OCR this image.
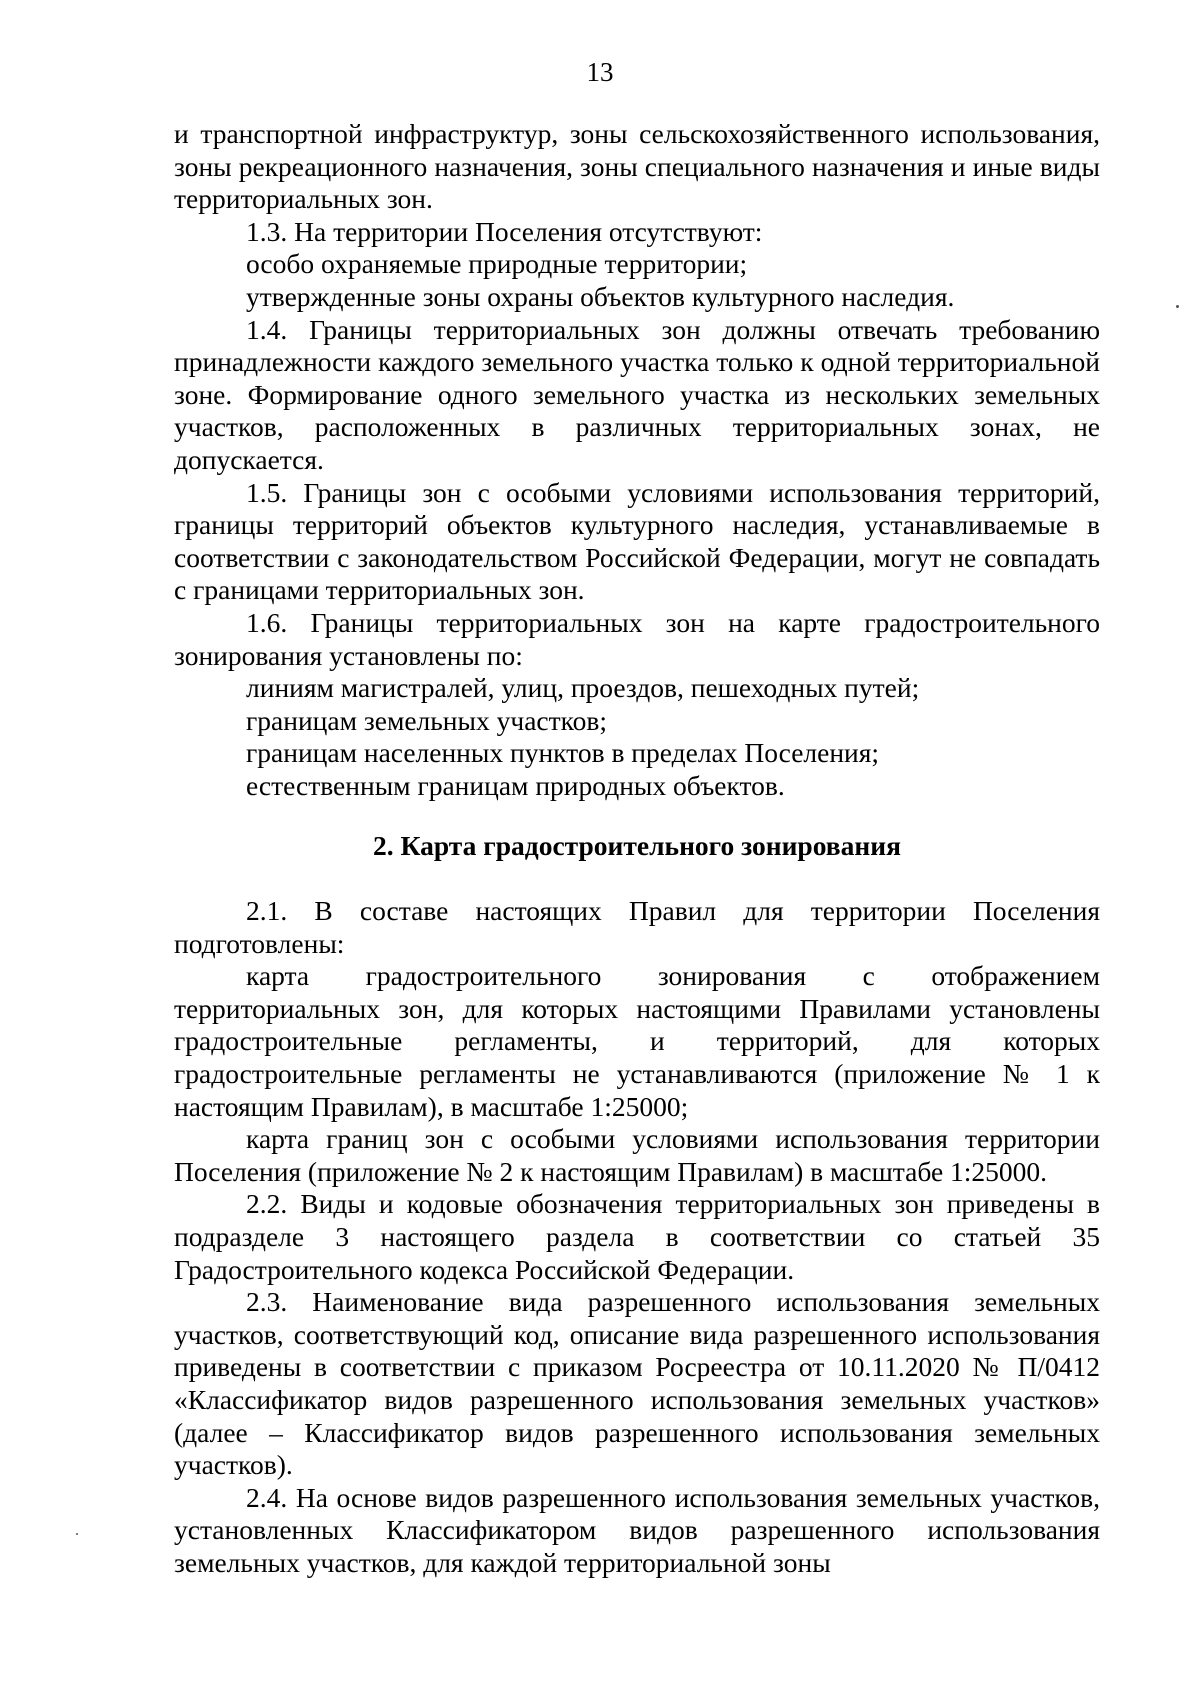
13

и транспортной инфраструктур, зоны сельскохозяйственного использования, зоны рекреационного назначения, зоны специального назначения и иные виды территориальных зон.

1.3. На территории Поселения отсутствуют:

особо охраняемые природные территории;

утвержденные зоны охраны объектов культурного наследия.

1.4. Границы территориальных зон должны отвечать требованию принадлежности каждого земельного участка только к одной территориальной зоне. Формирование одного земельного участка из нескольких земельных участков, расположенных в различных территориальных зонах, не допускается.

1.5. Границы зон с особыми условиями использования территорий, границы территорий объектов культурного наследия, устанавливаемые в соответствии с законодательством Российской Федерации, могут не совпадать с границами территориальных зон.

1.6. Границы территориальных зон на карте градостроительного зонирования установлены по:

линиям магистралей, улиц, проездов, пешеходных путей;

границам земельных участков;

границам населенных пунктов в пределах Поселения;

естественным границам природных объектов.

2. Карта градостроительного зонирования

2.1. В составе настоящих Правил для территории Поселения подготовлены:

карта градостроительного зонирования с отображением территориальных зон, для которых настоящими Правилами установлены градостроительные регламенты, и территорий, для которых градостроительные регламенты не устанавливаются (приложение № 1 к настоящим Правилам), в масштабе 1:25000;

карта границ зон с особыми условиями использования территории Поселения (приложение № 2 к настоящим Правилам) в масштабе 1:25000.

2.2. Виды и кодовые обозначения территориальных зон приведены в подразделе 3 настоящего раздела в соответствии со статьей 35 Градостроительного кодекса Российской Федерации.

2.3. Наименование вида разрешенного использования земельных участков, соответствующий код, описание вида разрешенного использования приведены в соответствии с приказом Росреестра от 10.11.2020 № П/0412 «Классификатор видов разрешенного использования земельных участков» (далее – Классификатор видов разрешенного использования земельных участков).

2.4. На основе видов разрешенного использования земельных участков, установленных Классификатором видов разрешенного использования земельных участков, для каждой территориальной зоны
